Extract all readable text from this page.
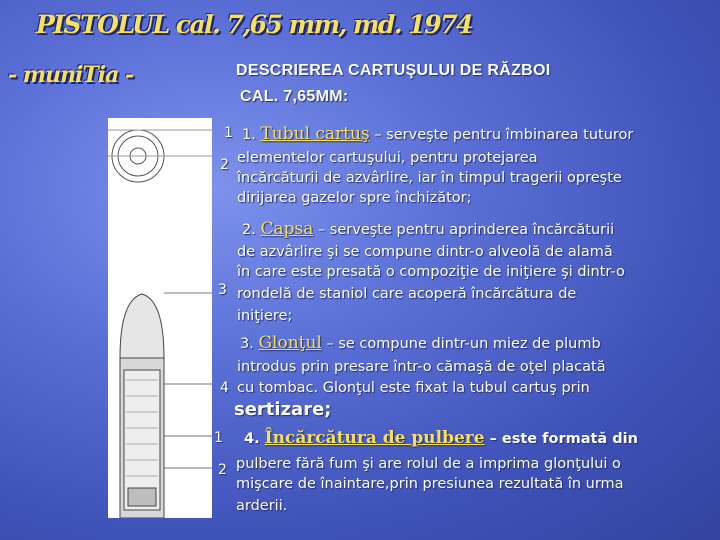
PISTOLUL cal. 7,65 mm, md. 1974
- muniTia -	DESCRIEREA CARTUŞULUI DE RĂZBOI
CAL. 7,65MM:
1
2
3
4
1
2
1. Tubul cartuş – serveşte pentru îmbinarea tuturor
elementelor cartuşului, pentru protejarea
încărcăturii de azvârlire, iar în timpul tragerii opreşte
dirijarea gazelor spre închizător;
2. Capsa – serveşte pentru aprinderea încărcăturii
de azvârlire şi se compune dintr-o alveolă de alamă
în care este presată o compoziţie de iniţiere şi dintr-o
rondelă de staniol care acoperă încărcătura de
iniţiere;
3. Glonţul – se compune dintr-un miez de plumb
introdus prin presare într-o cămaşă de oţel placată
cu tombac. Glonţul este fixat la tubul cartuş prin
sertizare;
4. Încărcătura de pulbere – este formată din
pulbere fără fum şi are rolul de a imprima glonţului o
mişcare de înaintare,prin presiunea rezultată în urma
arderii.
